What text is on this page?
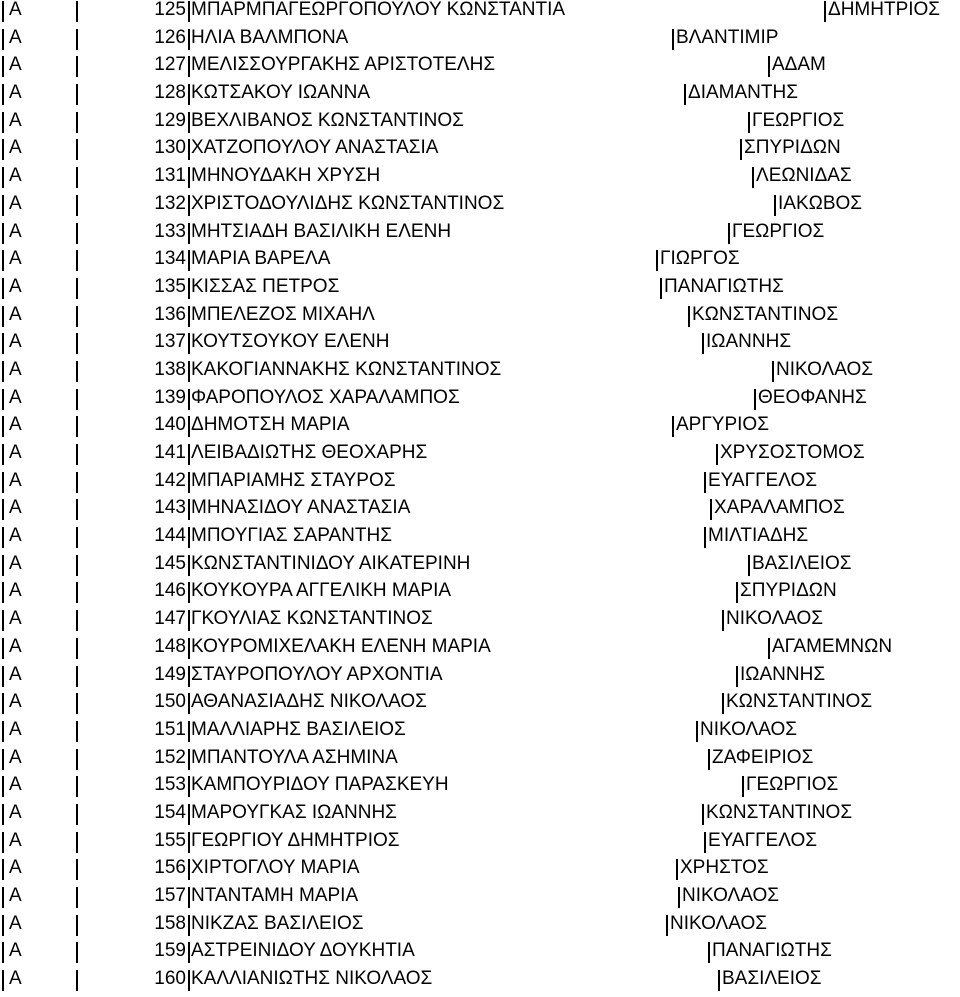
Α	125 ΜΠΑΡΜΠΑΓΕΩΡΓΟΠΟΥΛΟΥ ΚΩΝΣΤΑΝΤΙΑ	ΔΗΜΗΤΡΙΟΣ
Α	126 ΗΛΙΑ ΒΑΛΜΠΟΝΑ	ΒΛΑΝΤΙΜΙΡ
Α	127 ΜΕΛΙΣΣΟΥΡΓΑΚΗΣ ΑΡΙΣΤΟΤΕΛΗΣ	ΑΔΑΜ
Α	128 ΚΩΤΣΑΚΟΥ ΙΩΑΝΝΑ	ΔΙΑΜΑΝΤΗΣ
Α	129 ΒΕΧΛΙΒΑΝΟΣ ΚΩΝΣΤΑΝΤΙΝΟΣ	ΓΕΩΡΓΙΟΣ
Α	130 ΧΑΤΖΟΠΟΥΛΟΥ ΑΝΑΣΤΑΣΙΑ	ΣΠΥΡΙΔΩΝ
Α	131 ΜΗΝΟΥΔΑΚΗ ΧΡΥΣΗ	ΛΕΩΝΙΔΑΣ
Α	132 ΧΡΙΣΤΟΔΟΥΛΙΔΗΣ ΚΩΝΣΤΑΝΤΙΝΟΣ	ΙΑΚΩΒΟΣ
Α	133 ΜΗΤΣΙΑΔΗ ΒΑΣΙΛΙΚΗ ΕΛΕΝΗ	ΓΕΩΡΓΙΟΣ
Α	134 ΜΑΡΙΑ ΒΑΡΕΛΑ	ΓΙΩΡΓΟΣ
Α	135 ΚΙΣΣΑΣ ΠΕΤΡΟΣ	ΠΑΝΑΓΙΩΤΗΣ
Α	136 ΜΠΕΛΕΖΟΣ ΜΙΧΑΗΛ	ΚΩΝΣΤΑΝΤΙΝΟΣ
Α	137 ΚΟΥΤΣΟΥΚΟΥ ΕΛΕΝΗ	ΙΩΑΝΝΗΣ
Α	138 ΚΑΚΟΓΙΑΝΝΑΚΗΣ ΚΩΝΣΤΑΝΤΙΝΟΣ	ΝΙΚΟΛΑΟΣ
Α	139 ΦΑΡΟΠΟΥΛΟΣ ΧΑΡΑΛΑΜΠΟΣ	ΘΕΟΦΑΝΗΣ
Α	140 ΔΗΜΟΤΣΗ ΜΑΡΙΑ	ΑΡΓΥΡΙΟΣ
Α	141 ΛΕΙΒΑΔΙΩΤΗΣ ΘΕΟΧΑΡΗΣ	ΧΡΥΣΟΣΤΟΜΟΣ
Α	142 ΜΠΑΡΙΑΜΗΣ ΣΤΑΥΡΟΣ	ΕΥΑΓΓΕΛΟΣ
Α	143 ΜΗΝΑΣΙΔΟΥ ΑΝΑΣΤΑΣΙΑ	ΧΑΡΑΛΑΜΠΟΣ
Α	144 ΜΠΟΥΓΙΑΣ ΣΑΡΑΝΤΗΣ	ΜΙΛΤΙΑΔΗΣ
Α	145 ΚΩΝΣΤΑΝΤΙΝΙΔΟΥ ΑΙΚΑΤΕΡΙΝΗ	ΒΑΣΙΛΕΙΟΣ
Α	146 ΚΟΥΚΟΥΡΑ ΑΓΓΕΛΙΚΗ ΜΑΡΙΑ	ΣΠΥΡΙΔΩΝ
Α	147 ΓΚΟΥΛΙΑΣ ΚΩΝΣΤΑΝΤΙΝΟΣ	ΝΙΚΟΛΑΟΣ
Α	148 ΚΟΥΡΟΜΙΧΕΛΑΚΗ ΕΛΕΝΗ ΜΑΡΙΑ	ΑΓΑΜΕΜΝΩΝ
Α	149 ΣΤΑΥΡΟΠΟΥΛΟΥ ΑΡΧΟΝΤΙΑ	ΙΩΑΝΝΗΣ
Α	150 ΑΘΑΝΑΣΙΑΔΗΣ ΝΙΚΟΛΑΟΣ	ΚΩΝΣΤΑΝΤΙΝΟΣ
Α	151 ΜΑΛΛΙΑΡΗΣ ΒΑΣΙΛΕΙΟΣ	ΝΙΚΟΛΑΟΣ
Α	152 ΜΠΑΝΤΟΥΛΑ ΑΣΗΜΙΝΑ	ΖΑΦΕΙΡΙΟΣ
Α	153 ΚΑΜΠΟΥΡΙΔΟΥ ΠΑΡΑΣΚΕΥΗ	ΓΕΩΡΓΙΟΣ
Α	154 ΜΑΡΟΥΓΚΑΣ ΙΩΑΝΝΗΣ	ΚΩΝΣΤΑΝΤΙΝΟΣ
Α	155 ΓΕΩΡΓΙΟΥ ΔΗΜΗΤΡΙΟΣ	ΕΥΑΓΓΕΛΟΣ
Α	156 ΧΙΡΤΟΓΛΟΥ ΜΑΡΙΑ	ΧΡΗΣΤΟΣ
Α	157 ΝΤΑΝΤΑΜΗ ΜΑΡΙΑ	ΝΙΚΟΛΑΟΣ
Α	158 ΝΙΚΖΑΣ ΒΑΣΙΛΕΙΟΣ	ΝΙΚΟΛΑΟΣ
Α	159 ΑΣΤΡΕΙΝΙΔΟΥ ΔΟΥΚΗΤΙΑ	ΠΑΝΑΓΙΩΤΗΣ
Α	160 ΚΑΛΛΙΑΝΙΩΤΗΣ ΝΙΚΟΛΑΟΣ	ΒΑΣΙΛΕΙΟΣ
